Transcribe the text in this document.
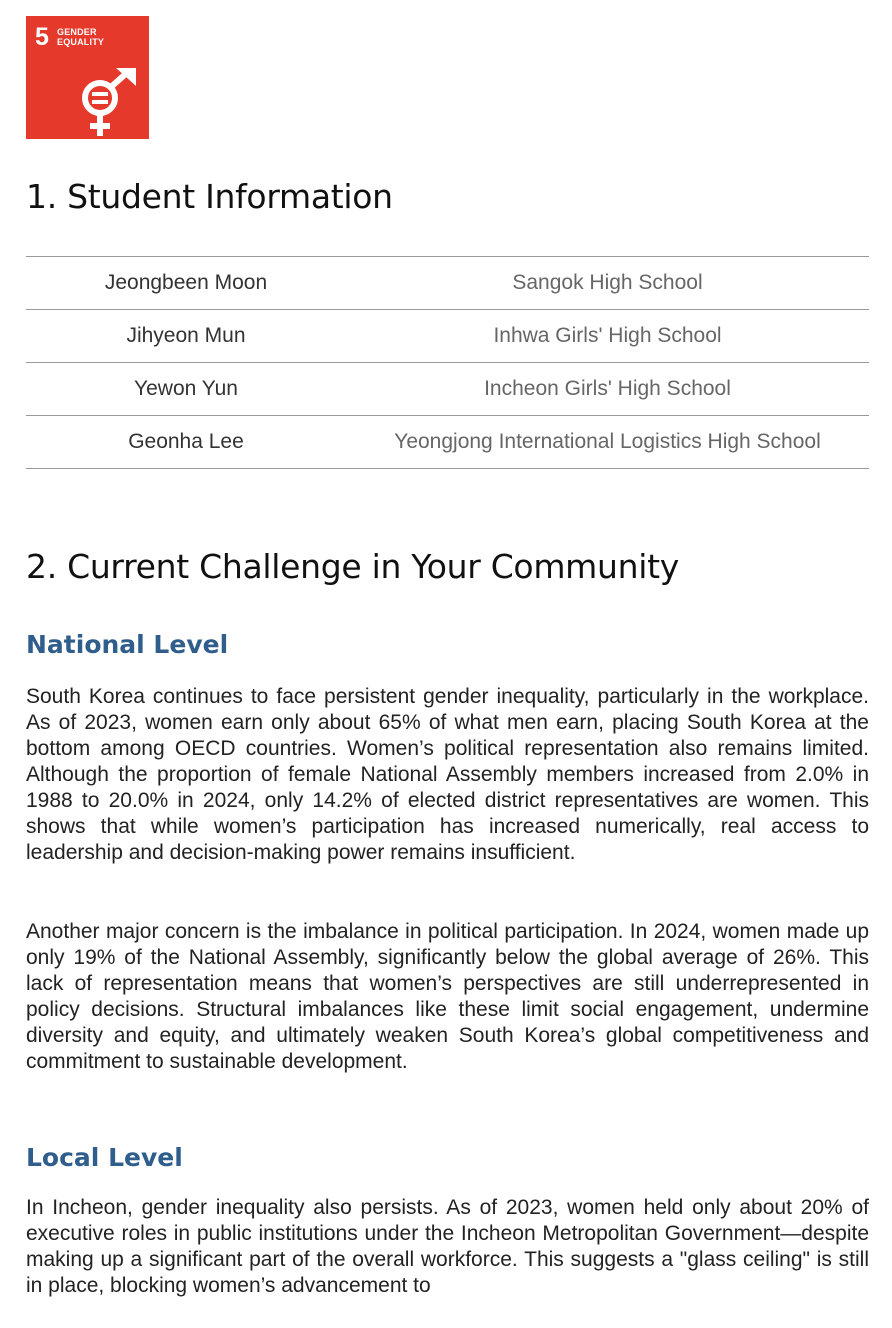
5 GENDER
EQUALITY
1. Student Information
Jeongbeen Moon	Sangok High School
Jihyeon Mun	Inhwa Girls' High School
Yewon Yun	Incheon Girls' High School
Geonha Lee	Yeongjong International Logistics High School
2. Current Challenge in Your Community
National Level

South Korea continues to face persistent gender inequality, particularly in the workplace. As of 2023, women earn only about 65% of what men earn, placing South Korea at the bottom among OECD countries. Women’s political representation also remains limited. Although the proportion of female National Assembly members increased from 2.0% in 1988 to 20.0% in 2024, only 14.2% of elected district representatives are women. This shows that while women’s participation has increased numerically, real access to leadership and decision-making power remains insufficient.

Another major concern is the imbalance in political participation. In 2024, women made up only 19% of the National Assembly, significantly below the global average of 26%. This lack of representation means that women’s perspectives are still underrepresented in policy decisions. Structural imbalances like these limit social engagement, undermine diversity and equity, and ultimately weaken South Korea’s global competitiveness and commitment to sustainable development.

Local Level

In Incheon, gender inequality also persists. As of 2023, women held only about 20% of executive roles in public institutions under the Incheon Metropolitan Government—despite making up a significant part of the overall workforce. This suggests a "glass ceiling" is still in place, blocking women’s advancement to
